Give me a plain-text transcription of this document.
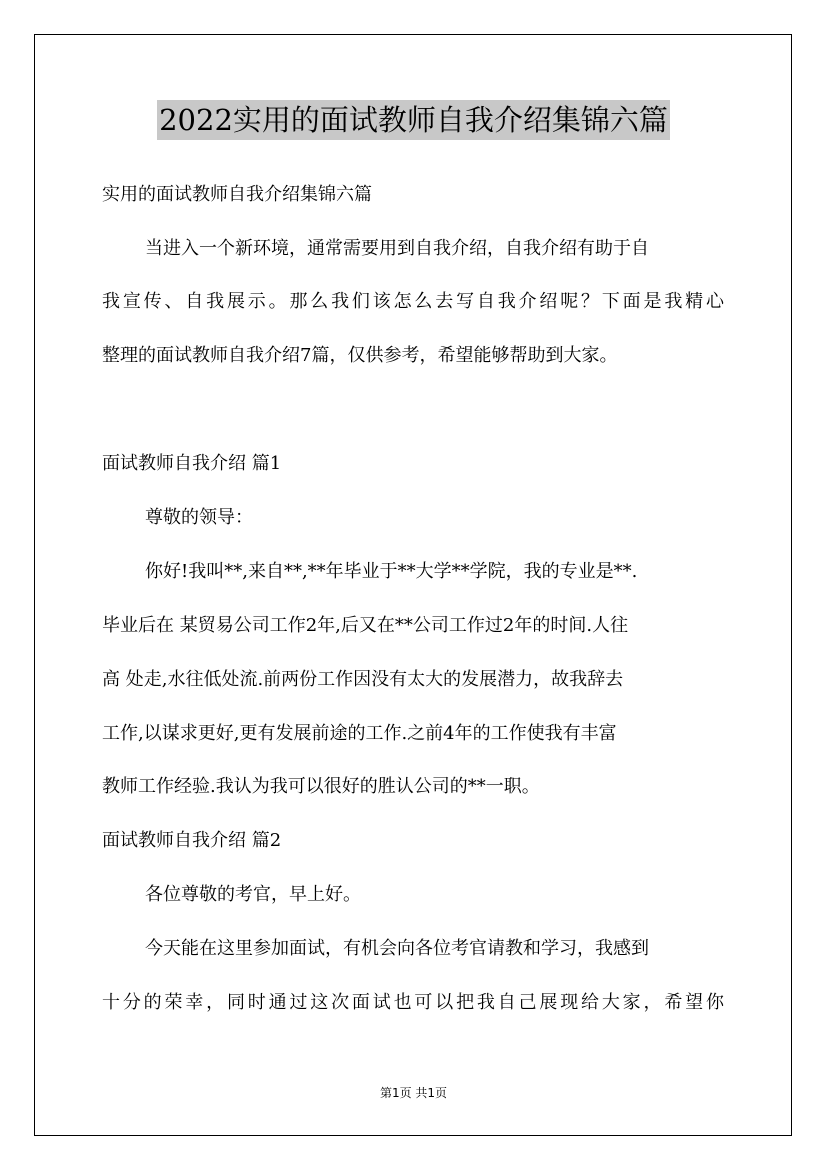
2022实用的面试教师自我介绍集锦六篇
实用的面试教师自我介绍集锦六篇
当进入一个新环境，通常需要用到自我介绍，自我介绍有助于自
我宣传、自我展示。那么我们该怎么去写自我介绍呢？下面是我精心
整理的面试教师自我介绍7篇，仅供参考，希望能够帮助到大家。
面试教师自我介绍 篇1
尊敬的领导：
你好!我叫**,来自**,**年毕业于**大学**学院，我的专业是**.
毕业后在 某贸易公司工作2年,后又在**公司工作过2年的时间.人往
高 处走,水往低处流.前两份工作因没有太大的发展潜力，故我辞去
工作,以谋求更好,更有发展前途的工作.之前4年的工作使我有丰富
教师工作经验.我认为我可以很好的胜认公司的**一职。
面试教师自我介绍 篇2
各位尊敬的考官，早上好。
今天能在这里参加面试，有机会向各位考官请教和学习，我感到
十分的荣幸，同时通过这次面试也可以把我自己展现给大家，希望你
第1页 共1页
